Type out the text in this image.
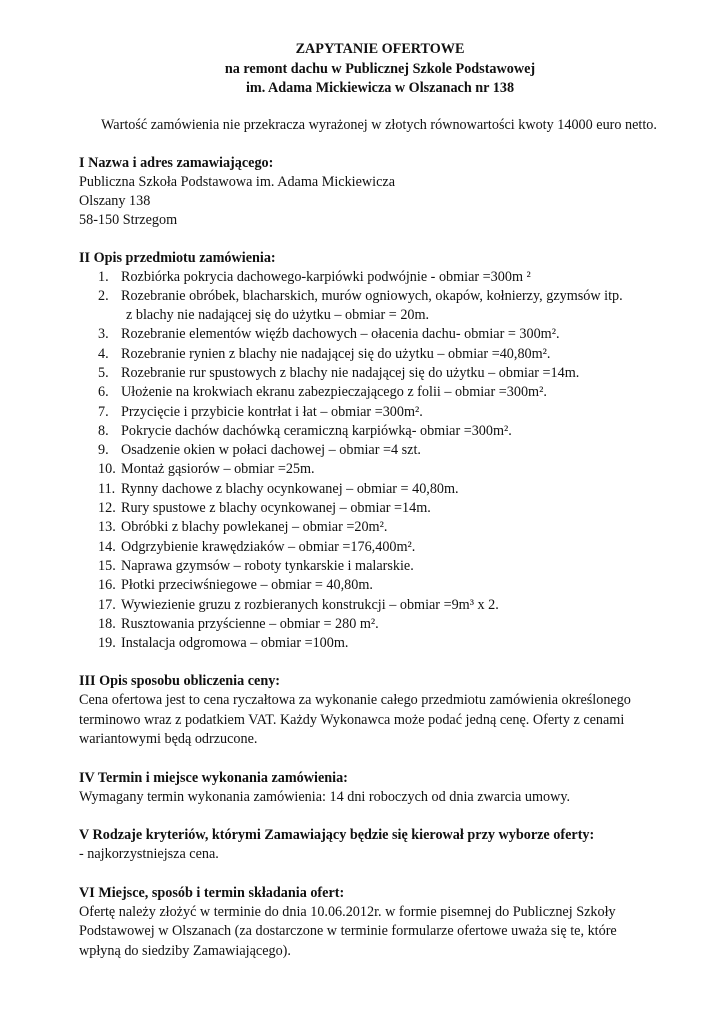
ZAPYTANIE OFERTOWE
na remont dachu w Publicznej Szkole Podstawowej
im. Adama Mickiewicza w Olszanach nr 138
Wartość zamówienia nie przekracza wyrażonej w złotych równowartości kwoty 14000 euro netto.
I Nazwa i adres zamawiającego:
Publiczna Szkoła Podstawowa im. Adama Mickiewicza
Olszany 138
58-150 Strzegom
II Opis przedmiotu zamówienia:
1. Rozbiórka pokrycia dachowego-karpiówki podwójnie - obmiar =300m ²
2. Rozebranie obróbek, blacharskich, murów ogniowych, okapów, kołnierzy, gzymsów itp.
z blachy nie nadającej się do użytku – obmiar = 20m.
3. Rozebranie elementów więźb dachowych – ołacenia dachu- obmiar = 300m².
4. Rozebranie rynien z blachy nie nadającej się do użytku – obmiar =40,80m².
5. Rozebranie rur spustowych z blachy nie nadającej się do użytku – obmiar =14m.
6. Ułożenie na krokwiach ekranu zabezpieczającego z folii – obmiar =300m².
7. Przycięcie i przybicie kontrłat i łat – obmiar =300m².
8. Pokrycie dachów dachówką ceramiczną karpiówką- obmiar =300m².
9. Osadzenie okien w połaci dachowej – obmiar =4 szt.
10. Montaż gąsiorów – obmiar =25m.
11. Rynny dachowe z blachy ocynkowanej – obmiar = 40,80m.
12. Rury spustowe z blachy ocynkowanej – obmiar =14m.
13. Obróbki z blachy powlekanej – obmiar =20m².
14. Odgrzybienie krawędziaków – obmiar =176,400m².
15. Naprawa gzymsów – roboty tynkarskie i malarskie.
16. Płotki przeciwśniegowe – obmiar = 40,80m.
17. Wywiezienie gruzu z rozbieranych konstrukcji – obmiar =9m³ x 2.
18. Rusztowania przyścienne – obmiar = 280 m².
19. Instalacja odgromowa – obmiar =100m.
III Opis sposobu obliczenia ceny:
Cena ofertowa jest to cena ryczałtowa za wykonanie całego przedmiotu zamówienia określonego
terminowo wraz z podatkiem VAT. Każdy Wykonawca może podać jedną cenę. Oferty z cenami
wariantowymi będą odrzucone.
IV Termin i miejsce wykonania zamówienia:
Wymagany termin wykonania zamówienia: 14 dni roboczych od dnia zwarcia umowy.
V Rodzaje kryteriów, którymi Zamawiający będzie się kierował przy wyborze oferty:
- najkorzystniejsza cena.
VI Miejsce, sposób i termin składania ofert:
Ofertę należy złożyć w terminie do dnia 10.06.2012r. w formie pisemnej do Publicznej Szkoły
Podstawowej w Olszanach (za dostarczone w terminie formularze ofertowe uważa się te, które
wpłyną do siedziby Zamawiającego).
